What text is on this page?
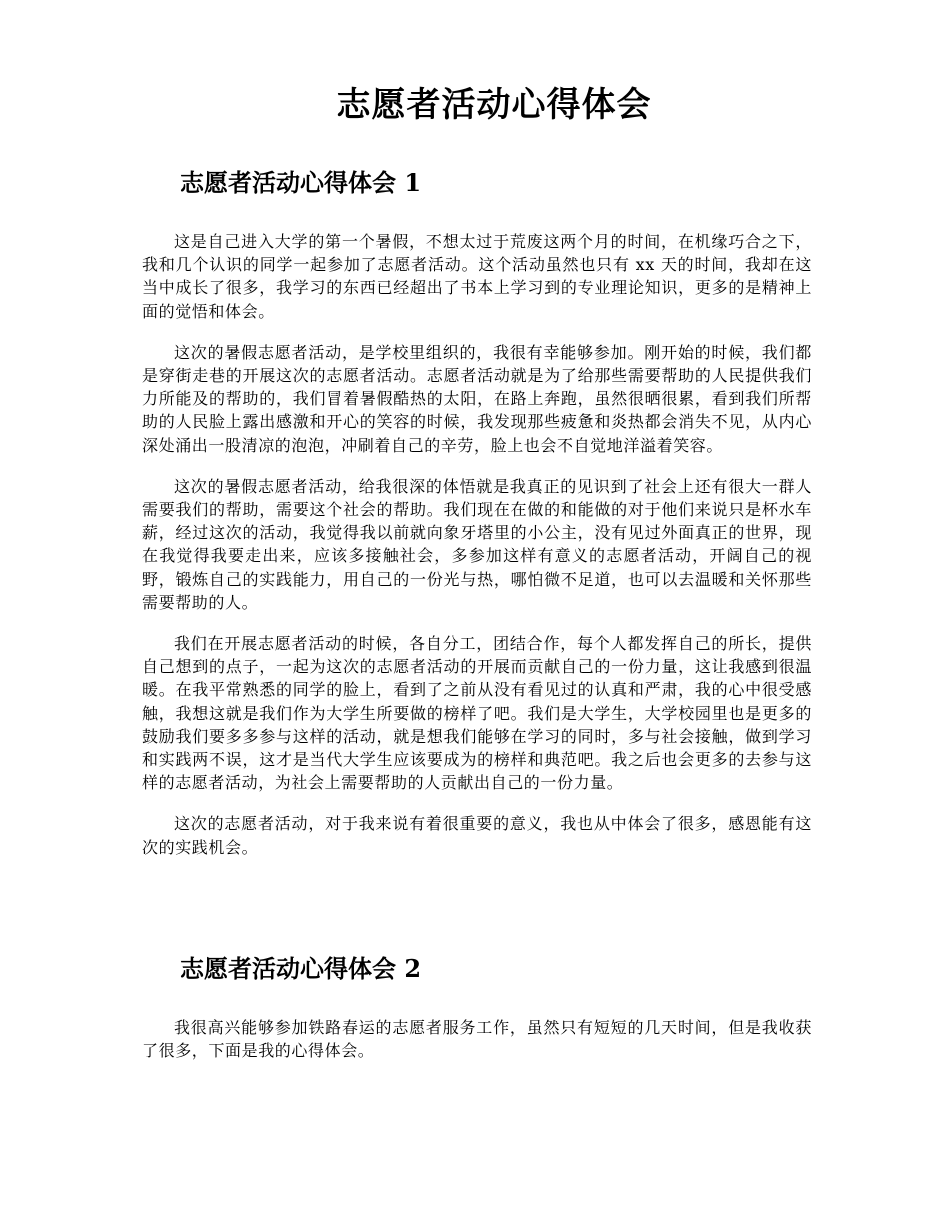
志愿者活动心得体会
志愿者活动心得体会 1

这是自己进入大学的第一个暑假，不想太过于荒废这两个月的时间，在机缘巧合之下，我和几个认识的同学一起参加了志愿者活动。这个活动虽然也只有 xx 天的时间，我却在这当中成长了很多，我学习的东西已经超出了书本上学习到的专业理论知识，更多的是精神上面的觉悟和体会。

这次的暑假志愿者活动，是学校里组织的，我很有幸能够参加。刚开始的时候，我们都是穿街走巷的开展这次的志愿者活动。志愿者活动就是为了给那些需要帮助的人民提供我们力所能及的帮助的，我们冒着暑假酷热的太阳，在路上奔跑，虽然很晒很累，看到我们所帮助的人民脸上露出感激和开心的笑容的时候，我发现那些疲惫和炎热都会消失不见，从内心深处涌出一股清凉的泡泡，冲刷着自己的辛劳，脸上也会不自觉地洋溢着笑容。

这次的暑假志愿者活动，给我很深的体悟就是我真正的见识到了社会上还有很大一群人需要我们的帮助，需要这个社会的帮助。我们现在在做的和能做的对于他们来说只是杯水车薪，经过这次的活动，我觉得我以前就向象牙塔里的小公主，没有见过外面真正的世界，现在我觉得我要走出来，应该多接触社会，多参加这样有意义的志愿者活动，开阔自己的视野，锻炼自己的实践能力，用自己的一份光与热，哪怕微不足道，也可以去温暖和关怀那些需要帮助的人。

我们在开展志愿者活动的时候，各自分工，团结合作，每个人都发挥自己的所长，提供自己想到的点子，一起为这次的志愿者活动的开展而贡献自己的一份力量，这让我感到很温暖。在我平常熟悉的同学的脸上，看到了之前从没有看见过的认真和严肃，我的心中很受感触，我想这就是我们作为大学生所要做的榜样了吧。我们是大学生，大学校园里也是更多的鼓励我们要多多参与这样的活动，就是想我们能够在学习的同时，多与社会接触，做到学习和实践两不误，这才是当代大学生应该要成为的榜样和典范吧。我之后也会更多的去参与这样的志愿者活动，为社会上需要帮助的人贡献出自己的一份力量。

这次的志愿者活动，对于我来说有着很重要的意义，我也从中体会了很多，感恩能有这次的实践机会。

志愿者活动心得体会 2

我很高兴能够参加铁路春运的志愿者服务工作，虽然只有短短的几天时间，但是我收获了很多，下面是我的心得体会。
